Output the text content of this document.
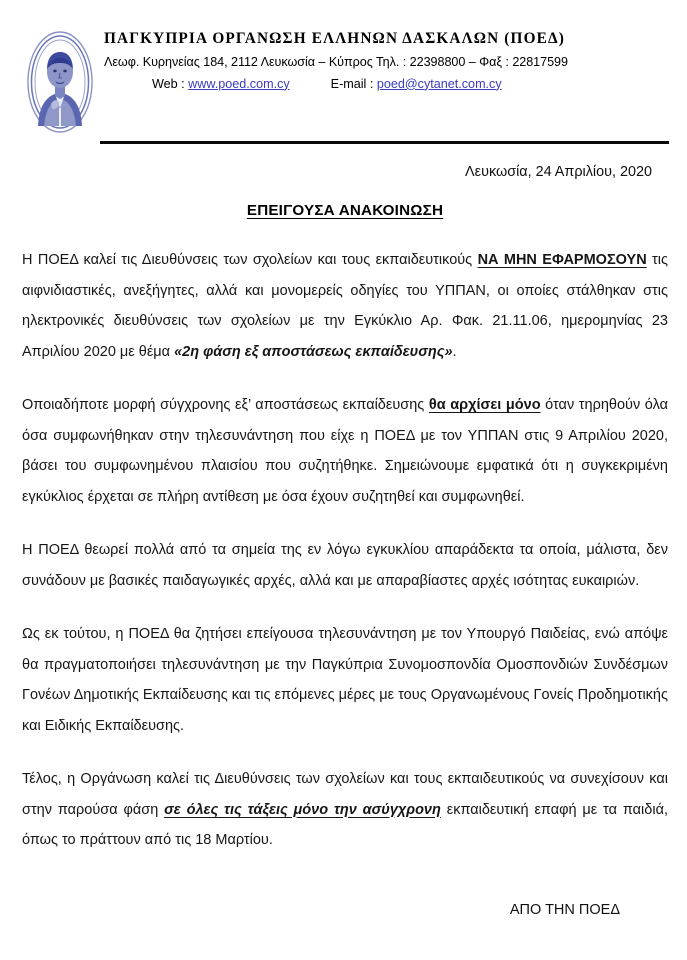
ΠΑΓΚΥΠΡΙΑ ΟΡΓΑΝΩΣΗ ΕΛΛΗΝΩΝ ΔΑΣΚΑΛΩΝ (ΠΟΕΔ)
Λεωφ. Κυρηνείας 184, 2112 Λευκωσία – Κύπρος Τηλ. : 22398800 – Φαξ : 22817599
Web : www.poed.com.cy	E-mail : poed@cytanet.com.cy
Λευκωσία, 24 Απριλίου, 2020
ΕΠΕΙΓΟΥΣΑ ΑΝΑΚΟΙΝΩΣΗ

Η ΠΟΕΔ καλεί τις Διευθύνσεις των σχολείων και τους εκπαιδευτικούς ΝΑ ΜΗΝ ΕΦΑΡΜΟΣΟΥΝ τις αιφνιδιαστικές, ανεξήγητες, αλλά και μονομερείς οδηγίες του ΥΠΠΑΝ, οι οποίες στάλθηκαν στις ηλεκτρονικές διευθύνσεις των σχολείων με την Εγκύκλιο Αρ. Φακ. 21.11.06, ημερομηνίας 23 Απριλίου 2020 με θέμα «2η φάση εξ αποστάσεως εκπαίδευσης».

Οποιαδήποτε μορφή σύγχρονης εξ’ αποστάσεως εκπαίδευσης θα αρχίσει μόνο όταν τηρηθούν όλα όσα συμφωνήθηκαν στην τηλεσυνάντηση που είχε η ΠΟΕΔ με τον ΥΠΠΑΝ στις 9 Απριλίου 2020, βάσει του συμφωνημένου πλαισίου που συζητήθηκε. Σημειώνουμε εμφατικά ότι η συγκεκριμένη εγκύκλιος έρχεται σε πλήρη αντίθεση με όσα έχουν συζητηθεί και συμφωνηθεί.

Η ΠΟΕΔ θεωρεί πολλά από τα σημεία της εν λόγω εγκυκλίου απαράδεκτα τα οποία, μάλιστα, δεν συνάδουν με βασικές παιδαγωγικές αρχές, αλλά και με απαραβίαστες αρχές ισότητας ευκαιριών.

Ως εκ τούτου, η ΠΟΕΔ θα ζητήσει επείγουσα τηλεσυνάντηση με τον Υπουργό Παιδείας, ενώ απόψε θα πραγματοποιήσει τηλεσυνάντηση με την Παγκύπρια Συνομοσπονδία Ομοσπονδιών Συνδέσμων Γονέων Δημοτικής Εκπαίδευσης και τις επόμενες μέρες με τους Οργανωμένους Γονείς Προδημοτικής και Ειδικής Εκπαίδευσης.

Τέλος, η Οργάνωση καλεί τις Διευθύνσεις των σχολείων και τους εκπαιδευτικούς να συνεχίσουν και στην παρούσα φάση σε όλες τις τάξεις μόνο την ασύγχρονη εκπαιδευτική επαφή με τα παιδιά, όπως το πράττουν από τις 18 Μαρτίου.

ΑΠΟ ΤΗΝ ΠΟΕΔ
